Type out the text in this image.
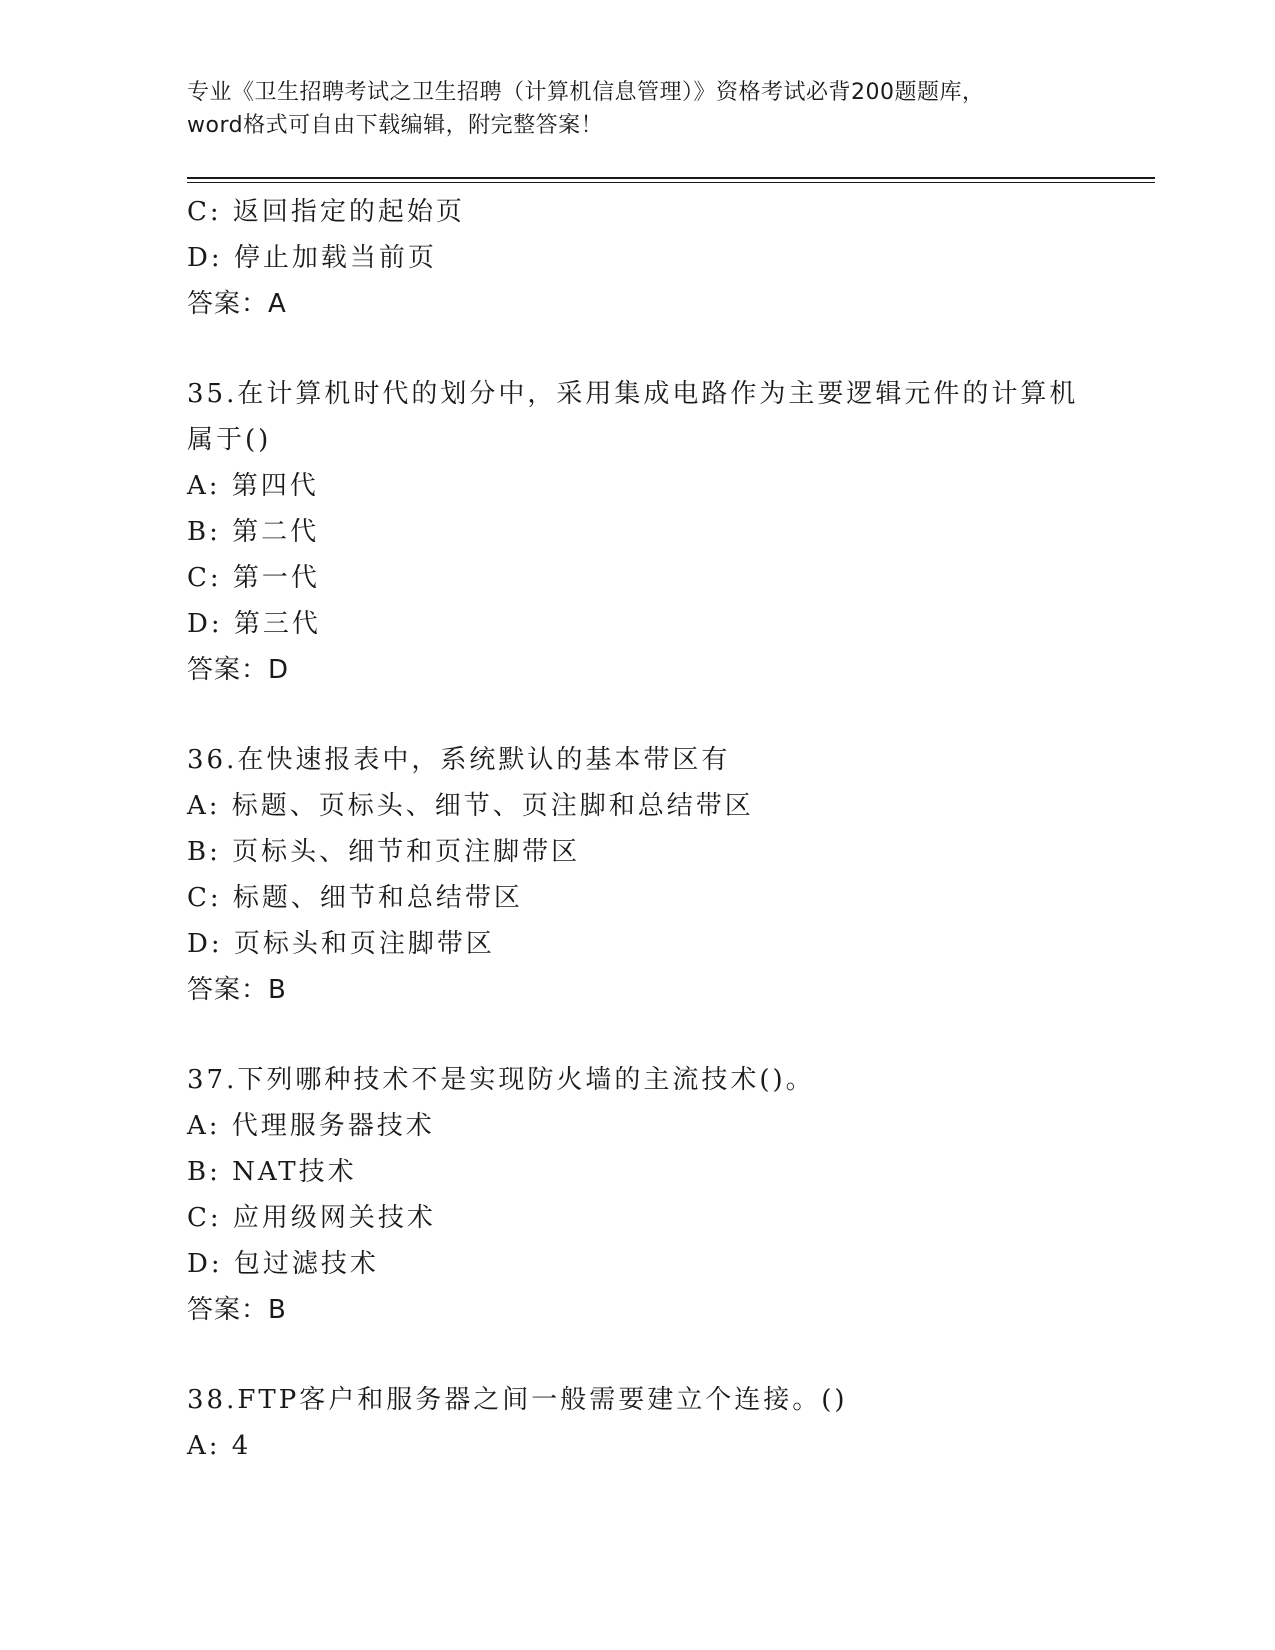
专业《卫生招聘考试之卫生招聘（计算机信息管理）》资格考试必背200题题库，
word格式可自由下载编辑，附完整答案！
C: 返回指定的起始页
D: 停止加载当前页
答案：A
35.在计算机时代的划分中，采用集成电路作为主要逻辑元件的计算机
属于()
A: 第四代
B: 第二代
C: 第一代
D: 第三代
答案：D
36.在快速报表中，系统默认的基本带区有
A: 标题、页标头、细节、页注脚和总结带区
B: 页标头、细节和页注脚带区
C: 标题、细节和总结带区
D: 页标头和页注脚带区
答案：B
37.下列哪种技术不是实现防火墙的主流技术()。
A: 代理服务器技术
B: NAT技术
C: 应用级网关技术
D: 包过滤技术
答案：B
38.FTP客户和服务器之间一般需要建立个连接。()
A: 4
